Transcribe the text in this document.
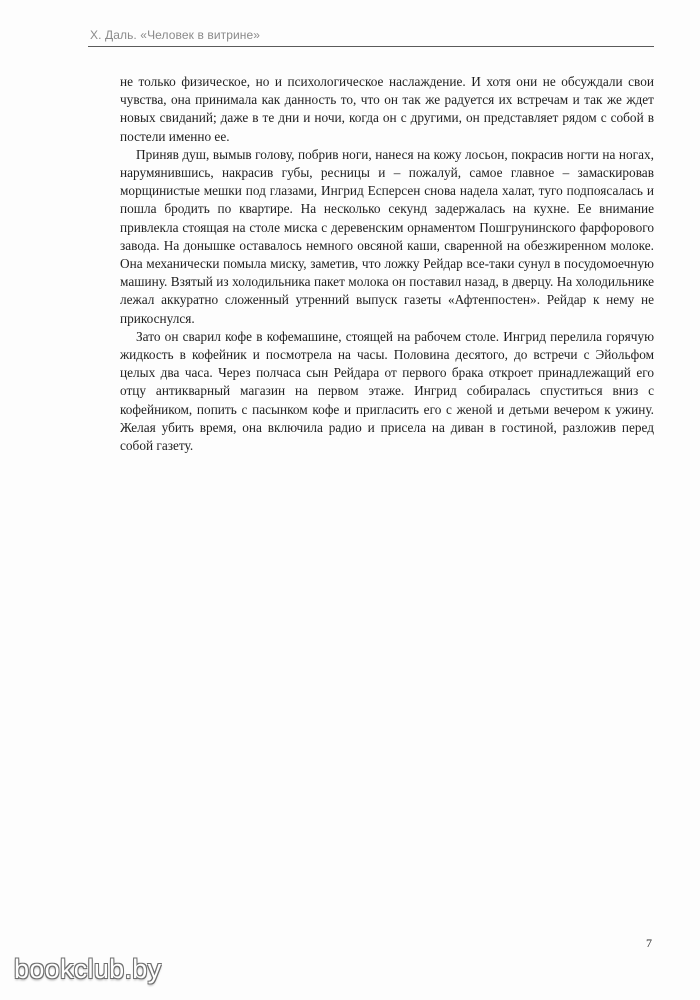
Х. Даль. «Человек в витрине»

не только физическое, но и психологическое наслаждение. И хотя они не обсуждали свои чувства, она принимала как данность то, что он так же радуется их встречам и так же ждет новых свиданий; даже в те дни и ночи, когда он с другими, он представляет рядом с собой в постели именно ее.

Приняв душ, вымыв голову, побрив ноги, нанеся на кожу лосьон, покрасив ногти на ногах, нарумянившись, накрасив губы, ресницы и – пожалуй, самое главное – замаскировав морщинистые мешки под глазами, Ингрид Есперсен снова надела халат, туго подпоясалась и пошла бродить по квартире. На несколько секунд задержалась на кухне. Ее внимание привлекла стоящая на столе миска с деревенским орнаментом Пошгрунинского фарфорового завода. На донышке оставалось немного овсяной каши, сваренной на обезжиренном молоке. Она механически помыла миску, заметив, что ложку Рейдар все-таки сунул в посудомоечную машину. Взятый из холодильника пакет молока он поставил назад, в дверцу. На холодильнике лежал аккуратно сложенный утренний выпуск газеты «Афтенпостен». Рейдар к нему не прикоснулся.

Зато он сварил кофе в кофемашине, стоящей на рабочем столе. Ингрид перелила горячую жидкость в кофейник и посмотрела на часы. Половина десятого, до встречи с Эйольфом целых два часа. Через полчаса сын Рейдара от первого брака откроет принадлежащий его отцу антикварный магазин на первом этаже. Ингрид собиралась спуститься вниз с кофейником, попить с пасынком кофе и пригласить его с женой и детьми вечером к ужину. Желая убить время, она включила радио и присела на диван в гостиной, разложив перед собой газету.

7
bookclub.by
